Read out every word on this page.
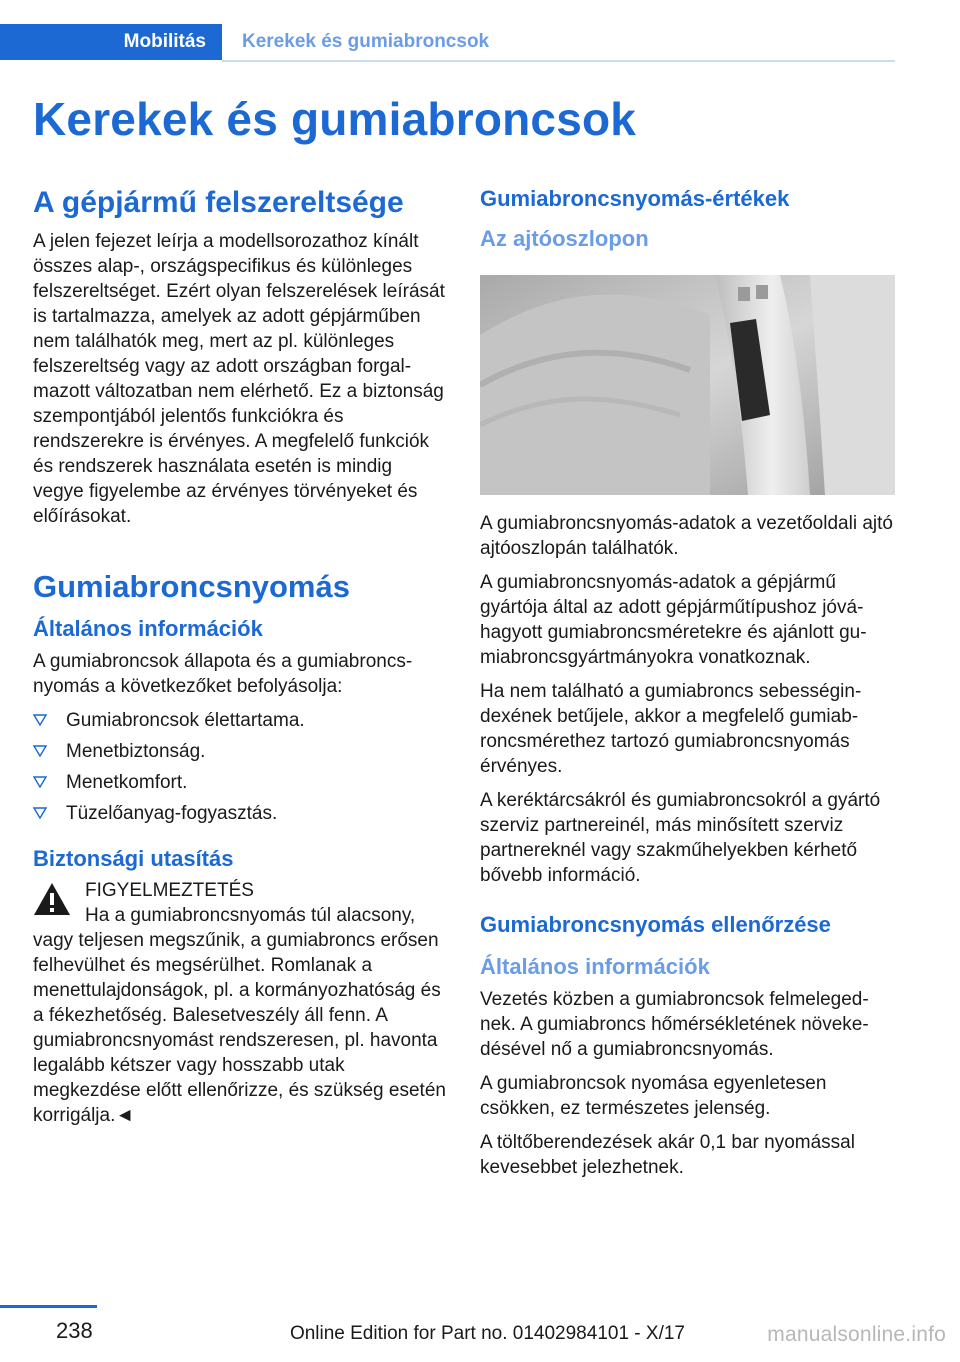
Mobilitás	Kerekek és gumiabroncsok
Kerekek és gumiabroncsok
A gépjármű felszereltsége

A jelen fejezet leírja a modellsorozathoz kínált összes alap-, országspecifikus és különleges felszereltséget. Ezért olyan felszerelések leírását is tartalmazza, amelyek az adott gépjárműben nem találhatók meg, mert az pl. különleges felszereltség vagy az adott országban forgalmazott változatban nem elérhető. Ez a biztonság szempontjából jelentős funkciókra és rendszerekre is érvényes. A megfelelő funkciók és rendszerek használata esetén is mindig vegye figyelembe az érvényes törvényeket és előírásokat.

Gumiabroncsnyomás
Általános információk

A gumiabroncsok állapota és a gumiabroncsnyomás a következőket befolyásolja:

Gumiabroncsok élettartama.
Menetbiztonság.
Menetkomfort.
Tüzelőanyag-fogyasztás.
Biztonsági utasítás
FIGYELMEZTETÉS
Ha a gumiabroncsnyomás túl alacsony,

vagy teljesen megszűnik, a gumiabroncs erősen felhevülhet és megsérülhet. Romlanak a menettulajdonságok, pl. a kormányozhatóság és a fékezhetőség. Balesetveszély áll fenn. A gumiabroncsnyomást rendszeresen, pl. havonta legalább kétszer vagy hosszabb utak megkezdése előtt ellenőrizze, és szükség esetén korrigálja.◄

Gumiabroncsnyomás-értékek
Az ajtóoszlopon

A gumiabroncsnyomás-adatok a vezetőoldali ajtó ajtóoszlopán találhatók.

A gumiabroncsnyomás-adatok a gépjármű gyártója által az adott gépjárműtípushoz jóváhagyott gumiabroncsméretekre és ajánlott gumiabroncsgyártmányokra vonatkoznak.

Ha nem található a gumiabroncs sebességindexének betűjele, akkor a megfelelő gumiabroncsmérethez tartozó gumiabroncsnyomás érvényes.

A keréktárcsákról és gumiabroncsokról a gyártó szerviz partnereinél, más minősített szerviz partnereknél vagy szakműhelyekben kérhető bővebb információ.

Gumiabroncsnyomás ellenőrzése
Általános információk

Vezetés közben a gumiabroncsok felmelegednek. A gumiabroncs hőmérsékletének növekedésével nő a gumiabroncsnyomás.

A gumiabroncsok nyomása egyenletesen csökken, ez természetes jelenség.

A töltőberendezések akár 0,1 bar nyomással kevesebbet jelezhetnek.

238	Online Edition for Part no. 01402984101 - X/17	manualsonline.info
